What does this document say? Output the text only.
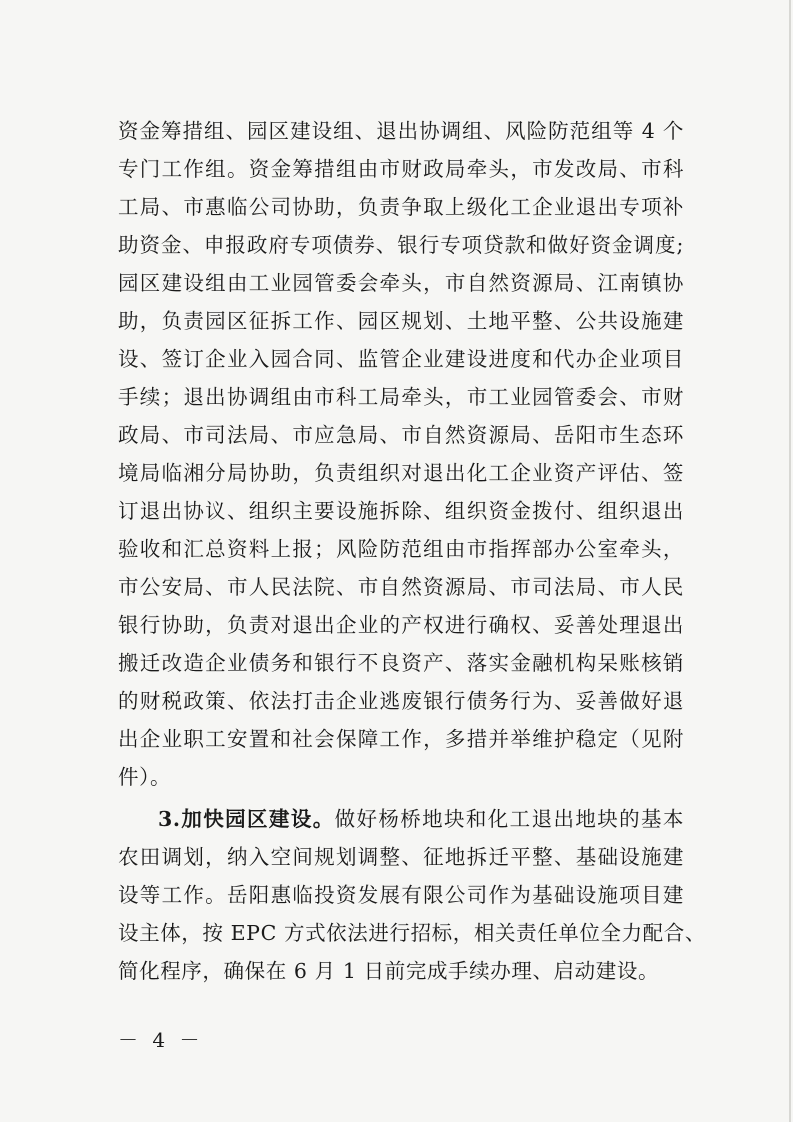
资金筹措组、园区建设组、退出协调组、风险防范组等 4 个
专门工作组。资金筹措组由市财政局牵头，市发改局、市科
工局、市惠临公司协助，负责争取上级化工企业退出专项补
助资金、申报政府专项债券、银行专项贷款和做好资金调度;
园区建设组由工业园管委会牵头，市自然资源局、江南镇协
助，负责园区征拆工作、园区规划、土地平整、公共设施建
设、签订企业入园合同、监管企业建设进度和代办企业项目
手续；退出协调组由市科工局牵头，市工业园管委会、市财
政局、市司法局、市应急局、市自然资源局、岳阳市生态环
境局临湘分局协助，负责组织对退出化工企业资产评估、签
订退出协议、组织主要设施拆除、组织资金拨付、组织退出
验收和汇总资料上报；风险防范组由市指挥部办公室牵头，
市公安局、市人民法院、市自然资源局、市司法局、市人民
银行协助，负责对退出企业的产权进行确权、妥善处理退出
搬迁改造企业债务和银行不良资产、落实金融机构呆账核销
的财税政策、依法打击企业逃废银行债务行为、妥善做好退
出企业职工安置和社会保障工作，多措并举维护稳定（见附
件）。
3.加快园区建设。做好杨桥地块和化工退出地块的基本
农田调划，纳入空间规划调整、征地拆迁平整、基础设施建
设等工作。岳阳惠临投资发展有限公司作为基础设施项目建
设主体，按 EPC 方式依法进行招标，相关责任单位全力配合、
简化程序，确保在 6 月 1 日前完成手续办理、启动建设。
－ 4 －
